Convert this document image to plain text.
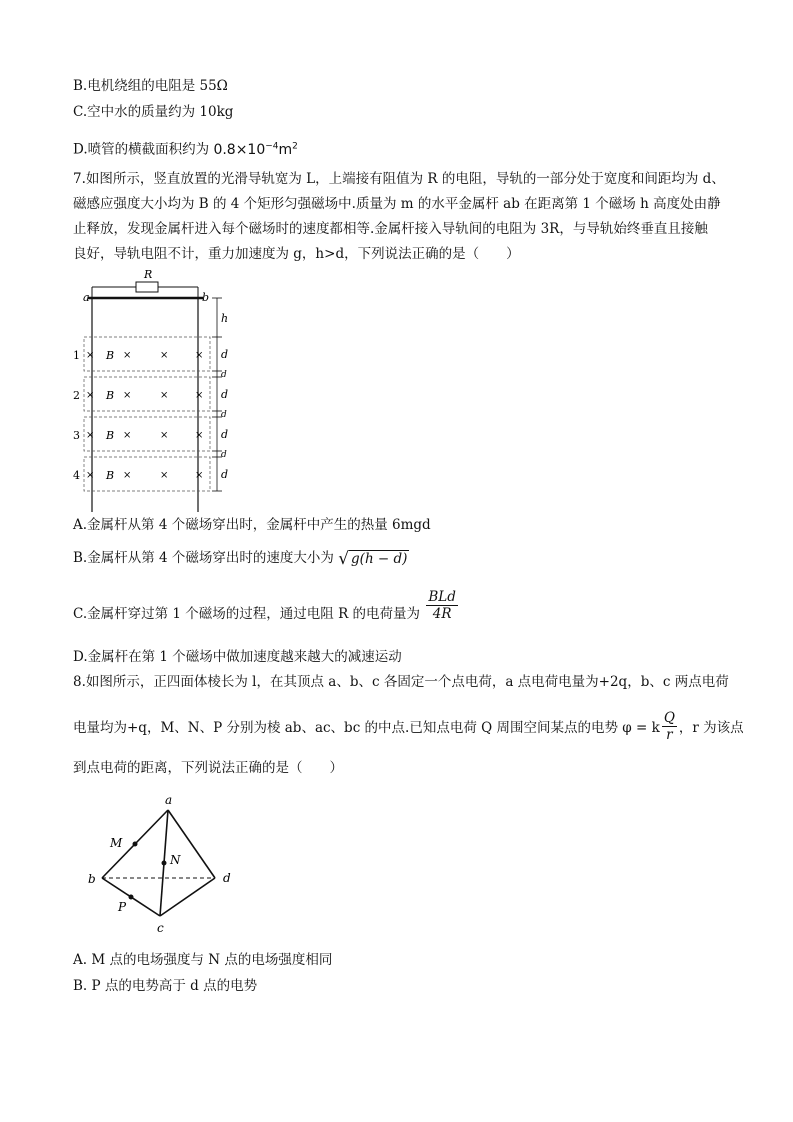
B.电机绕组的电阻是 55Ω
C.空中水的质量约为 10kg
D.喷管的横截面积约为 $0.8\times 10^{-4}m^2$
7.如图所示，竖直放置的光滑导轨宽为 L，上端接有阻值为 R 的电阻，导轨的一部分处于宽度和间距均为 d、
磁感应强度大小均为 B 的 4 个矩形匀强磁场中.质量为 m 的水平金属杆 ab 在距离第 1 个磁场 h 高度处由静
止释放，发现金属杆进入每个磁场时的速度都相等.金属杆接入导轨间的电阻为 3R，与导轨始终垂直且接触
良好，导轨电阻不计，重力加速度为 g，h>d，下列说法正确的是（　　）
R
a	b
h
1 × B ×	×	× d
d
2 × B ×	×	× d
d
3 × B ×	×	× d
d
4 × B ×	×	× d
A.金属杆从第 4 个磁场穿出时，金属杆中产生的热量 6mgd
B.金属杆从第 4 个磁场穿出时的速度大小为 √ g(h − d)
C.金属杆穿过第 1 个磁场的过程，通过电阻 R 的电荷量为 $\frac{\text{BLd}}{4R}$
D.金属杆在第 1 个磁场中做加速度越来越大的减速运动
8.如图所示，正四面体棱长为 l，在其顶点 a、b、c 各固定一个点电荷，a 点电荷电量为+2q，b、c 两点电荷
电量均为+q，M、N、P 分别为棱 ab、ac、bc 的中点.已知点电荷 Q 周围空间某点的电势 φ = k $\frac{Q}{r}$ ，r 为该点
到点电荷的距离，下列说法正确的是（　　）
a
b
c
d
M
N
P
A. M 点的电场强度与 N 点的电场强度相同
B. P 点的电势高于 d 点的电势
